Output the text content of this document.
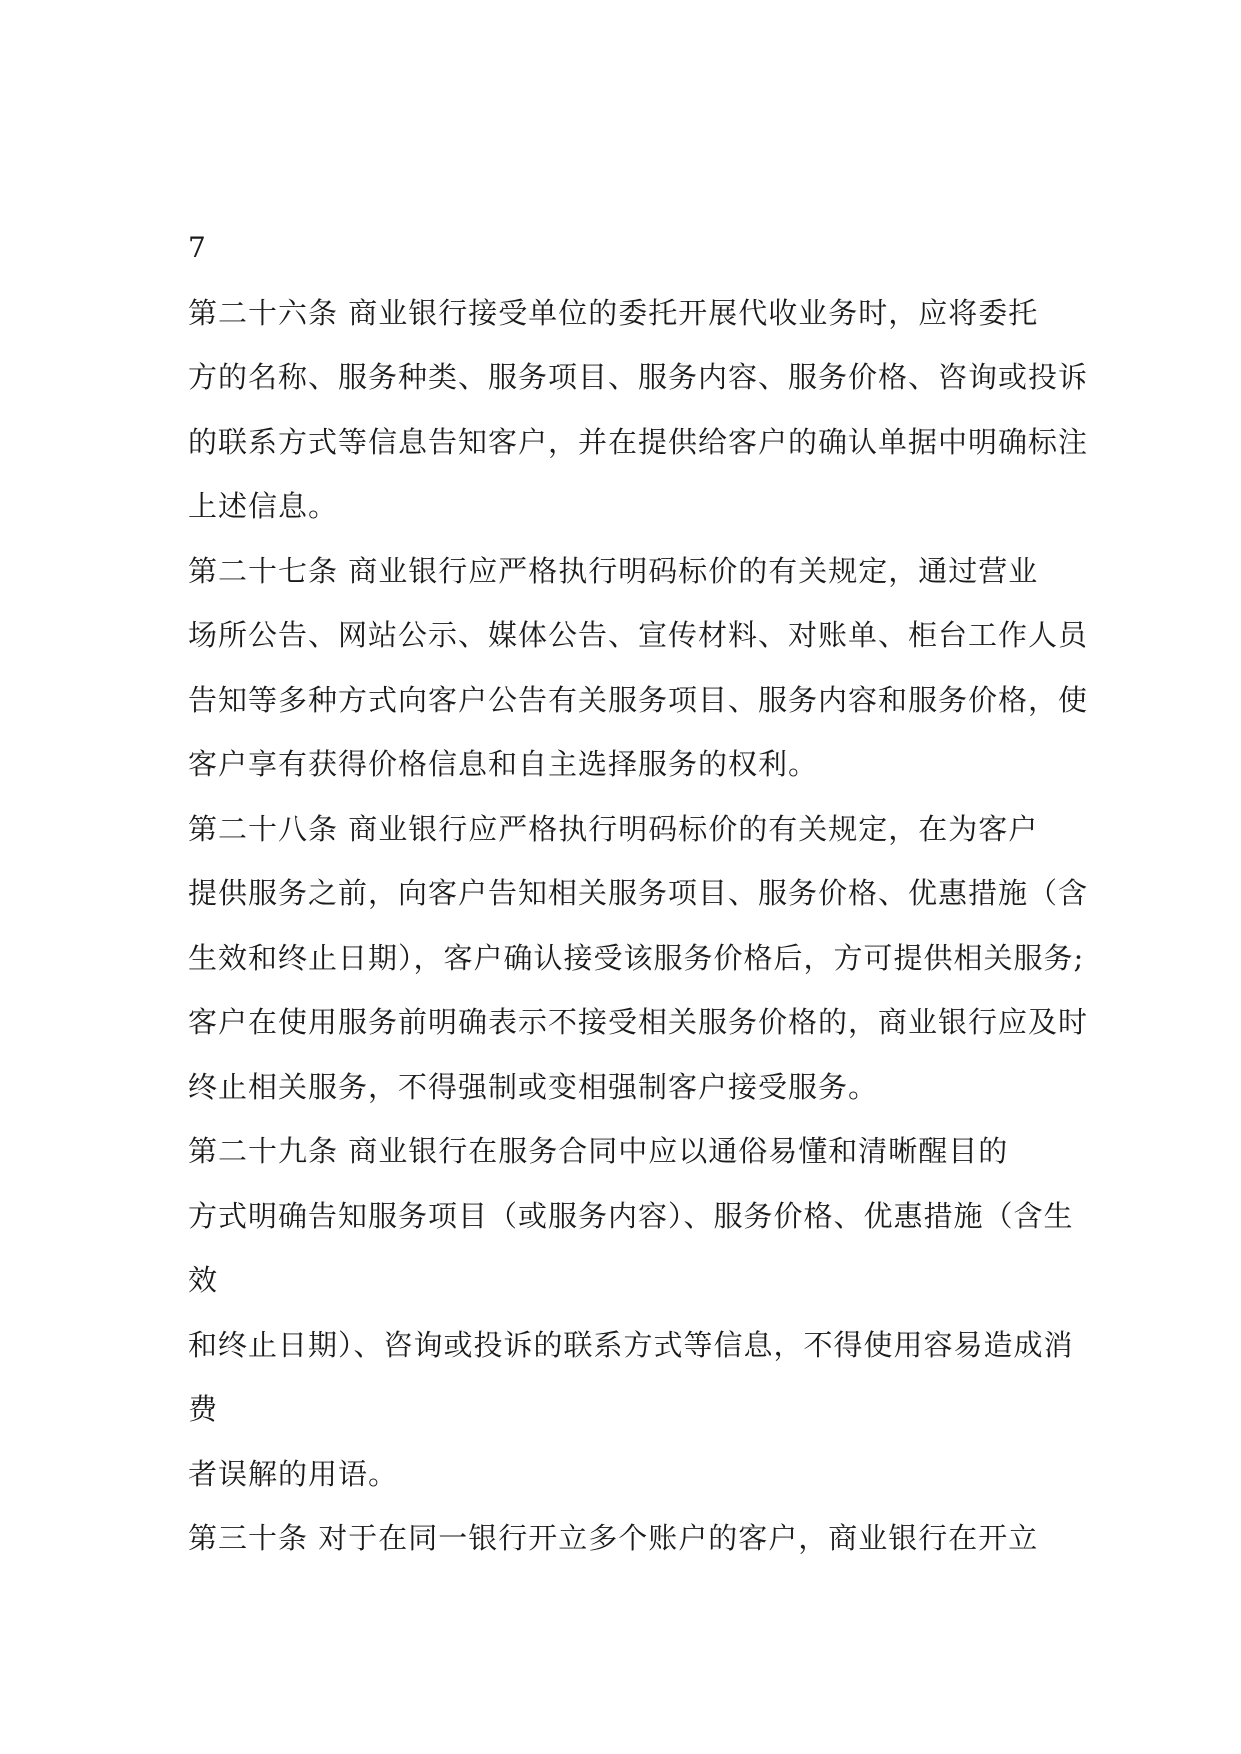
7
第二十六条 商业银行接受单位的委托开展代收业务时，应将委托
方的名称、服务种类、服务项目、服务内容、服务价格、咨询或投诉
的联系方式等信息告知客户，并在提供给客户的确认单据中明确标注
上述信息。
第二十七条 商业银行应严格执行明码标价的有关规定，通过营业
场所公告、网站公示、媒体公告、宣传材料、对账单、柜台工作人员
告知等多种方式向客户公告有关服务项目、服务内容和服务价格，使
客户享有获得价格信息和自主选择服务的权利。
第二十八条 商业银行应严格执行明码标价的有关规定，在为客户
提供服务之前，向客户告知相关服务项目、服务价格、优惠措施（含
生效和终止日期），客户确认接受该服务价格后，方可提供相关服务;
客户在使用服务前明确表示不接受相关服务价格的，商业银行应及时
终止相关服务，不得强制或变相强制客户接受服务。
第二十九条 商业银行在服务合同中应以通俗易懂和清晰醒目的
方式明确告知服务项目（或服务内容）、服务价格、优惠措施（含生
效
和终止日期）、咨询或投诉的联系方式等信息，不得使用容易造成消
费
者误解的用语。
第三十条 对于在同一银行开立多个账户的客户，商业银行在开立
